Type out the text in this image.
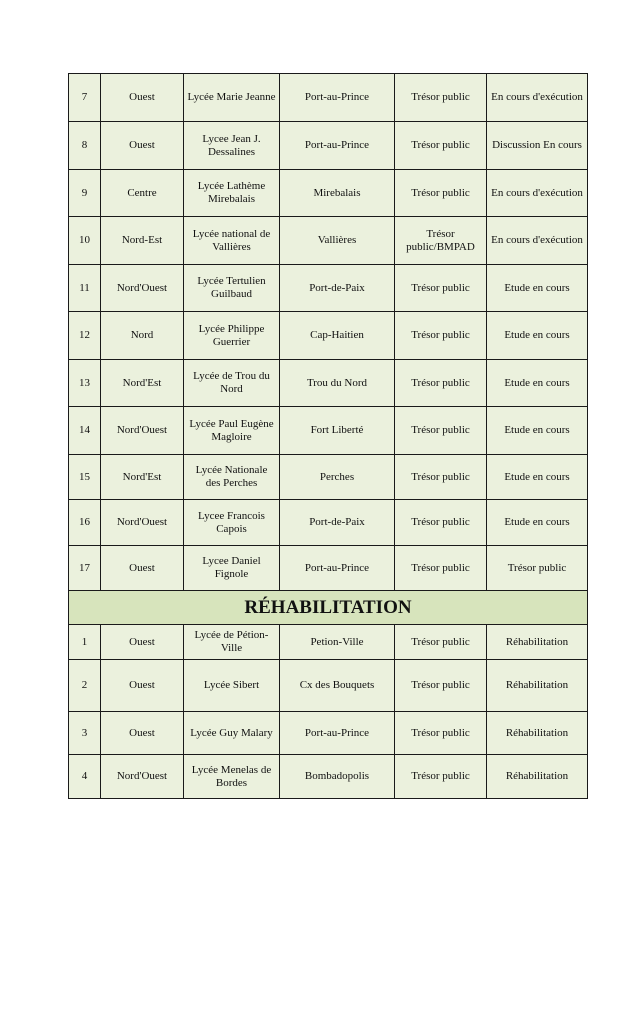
7	Ouest	Lycée Marie Jeanne	Port-au-Prince	Trésor public	En cours d'exécution
8	Ouest	Lycee Jean J. Dessalines	Port-au-Prince	Trésor public	Discussion En cours
9	Centre	Lycée Lathème Mirebalais	Mirebalais	Trésor public	En cours d'exécution
10	Nord-Est	Lycée national de Vallières	Vallières	Trésor public/BMPAD	En cours d'exécution
11	Nord'Ouest	Lycée Tertulien Guilbaud	Port-de-Paix	Trésor public	Etude en cours
12	Nord	Lycée Philippe Guerrier	Cap-Haitien	Trésor public	Etude en cours
13	Nord'Est	Lycée de Trou du Nord	Trou du Nord	Trésor public	Etude en cours
14	Nord'Ouest	Lycée Paul Eugène Magloire	Fort Liberté	Trésor public	Etude en cours
15	Nord'Est	Lycée Nationale des Perches	Perches	Trésor public	Etude en cours
16	Nord'Ouest	Lycee Francois Capois	Port-de-Paix	Trésor public	Etude en cours
17	Ouest	Lycee Daniel Fignole	Port-au-Prince	Trésor public	Trésor public
RÉHABILITATION					
1	Ouest	Lycée de Pétion-Ville	Petion-Ville	Trésor public	Réhabilitation
2	Ouest	Lycée Sibert	Cx des Bouquets	Trésor public	Réhabilitation
3	Ouest	Lycée Guy Malary	Port-au-Prince	Trésor public	Réhabilitation
4	Nord'Ouest	Lycée Menelas de Bordes	Bombadopolis	Trésor public	Réhabilitation
